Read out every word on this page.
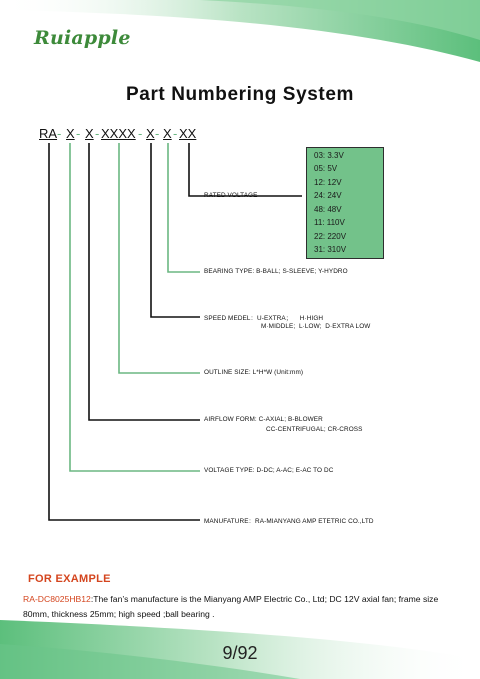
Ruiapple
Part Numbering System
RA - X - X - XXXX - X - X - XX
03: 3.3V
05: 5V
12: 12V
24: 24V
48: 48V
11: 110V
22: 220V
31: 310V
RATED VOLTAGE
BEARING TYPE: B-BALL; S-SLEEVE; Y-HYDRO
SPEED MEDEL：U-EXTRA；    H·HIGH
M·MIDDLE;  L·LOW;  D·EXTRA LOW
OUTLINE SIZE: L*H*W (Unit:mm)
AIRFLOW FORM: C-AXIAL; B-BLOWER
CC-CENTRIFUGAL; CR-CROSS
VOLTAGE TYPE: D-DC; A-AC; E-AC TO DC
MANUFATURE：RA-MIANYANG AMP ETETRIC CO.,LTD
FOR EXAMPLE
RA-DC8025HB12:The fan’s manufacture is the Mianyang AMP Electric Co., Ltd; DC 12V axial fan; frame size 80mm, thickness 25mm; high speed ;ball bearing .
9/92
